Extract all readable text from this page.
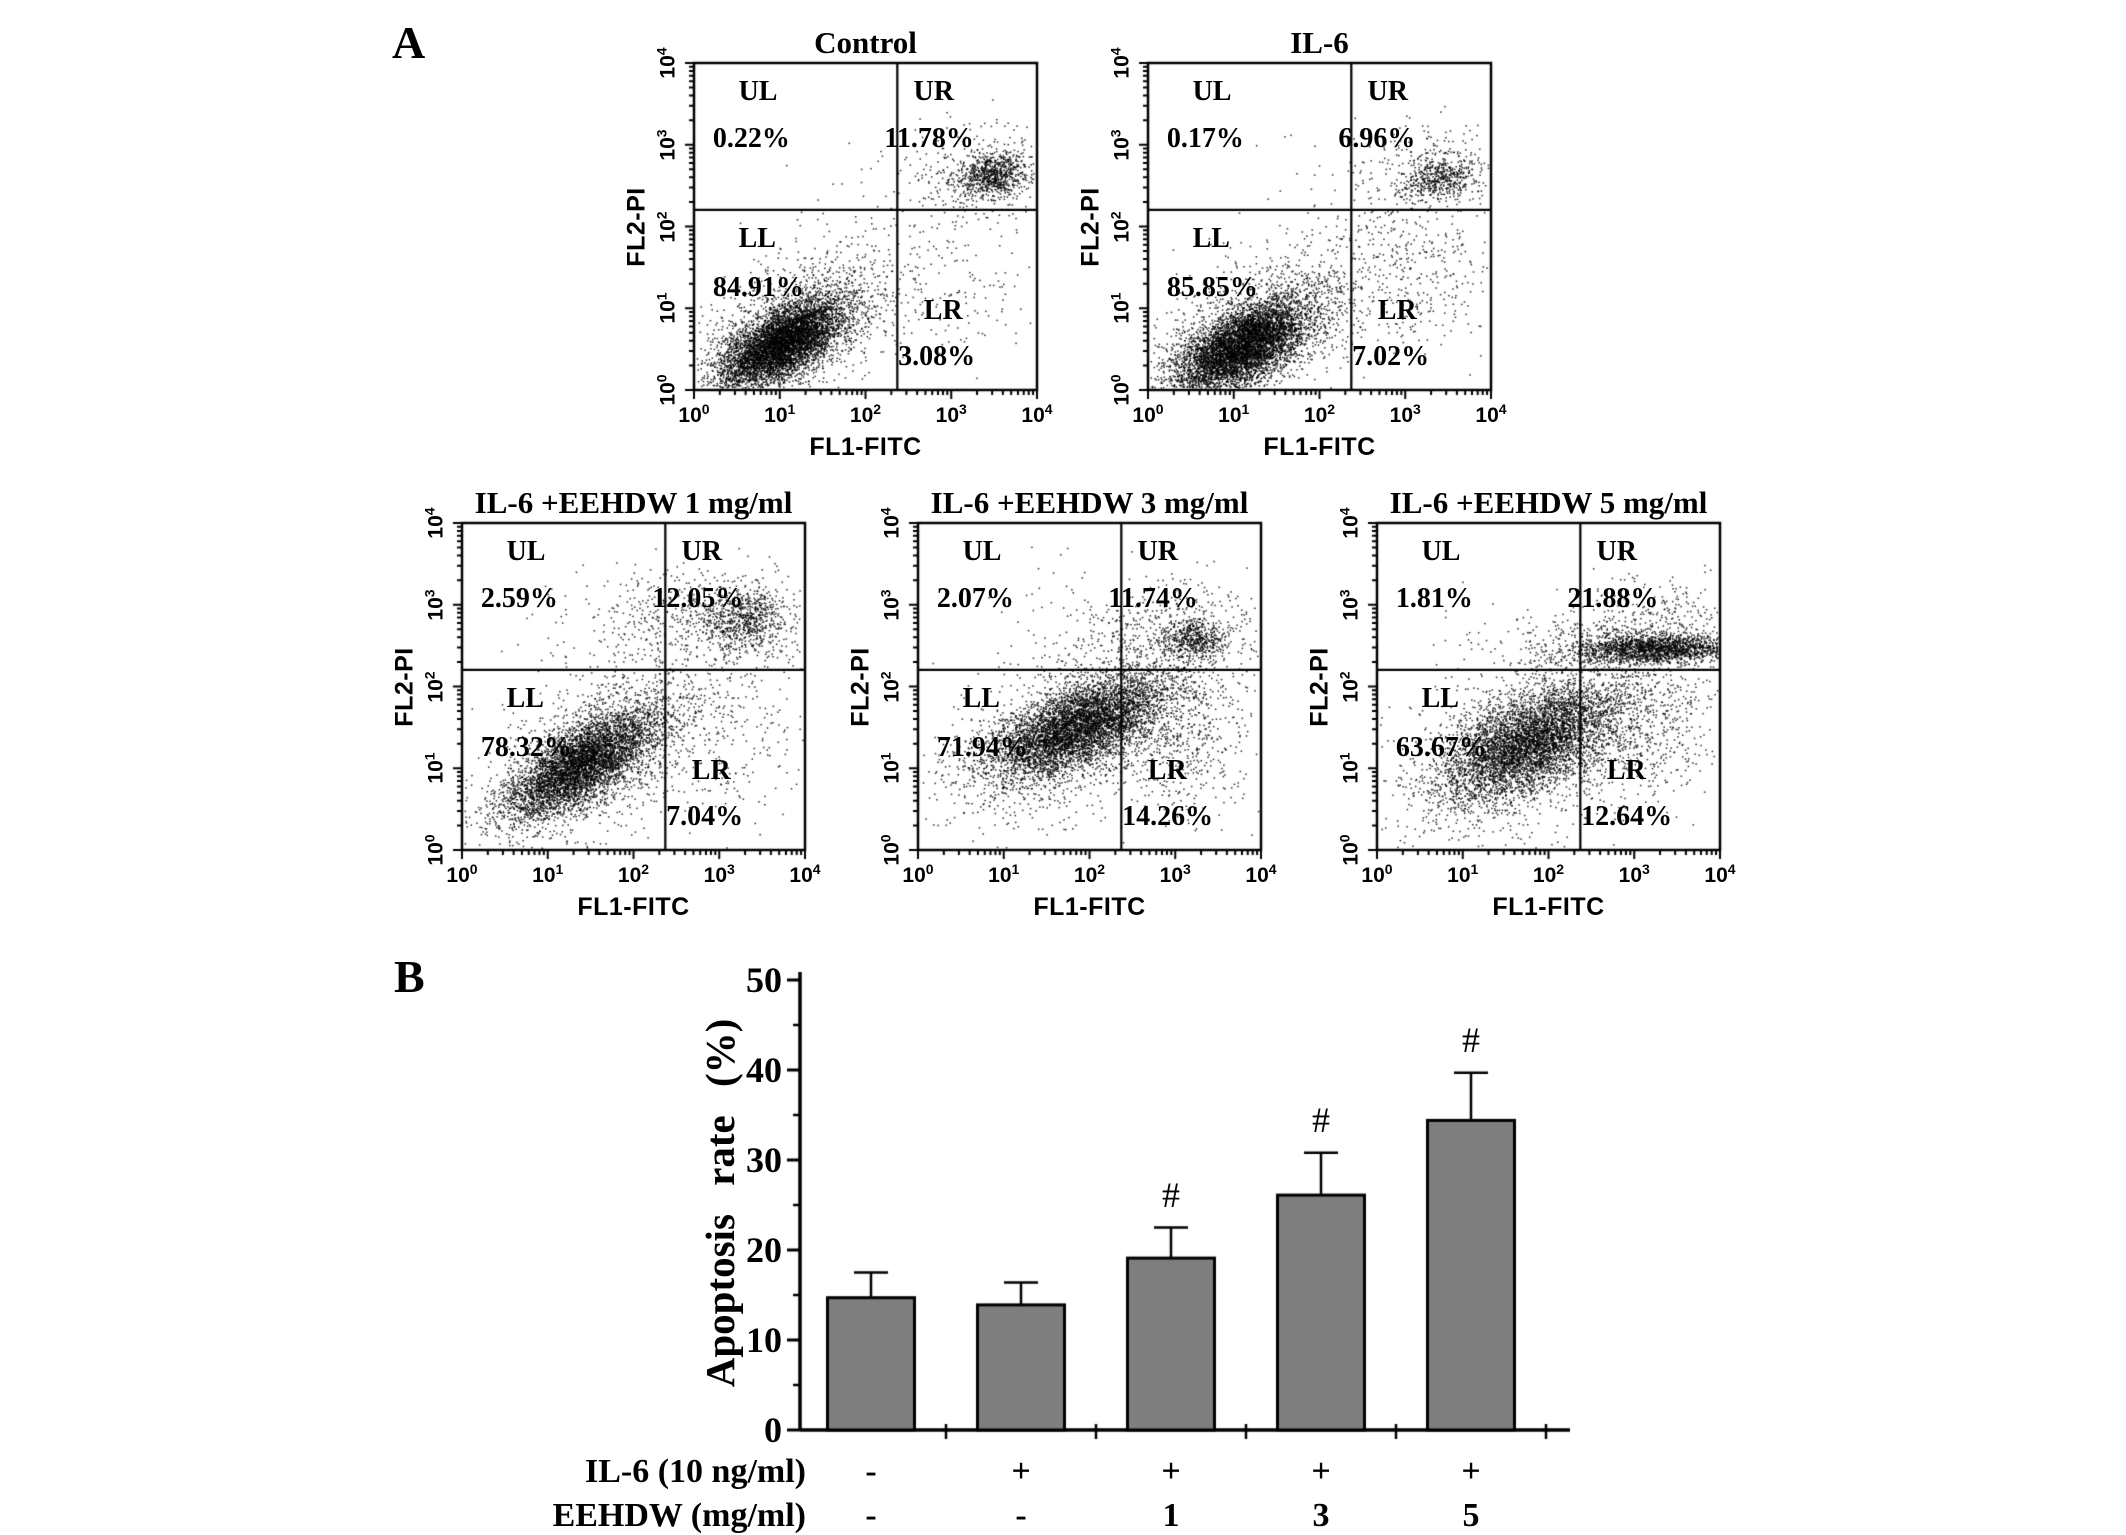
A
B
Control
UL
0.22%
UR
11.78%
LL
84.91%
LR
3.08%
FL1-FITC
FL2-PI
$10^0$
$10^0$
$10^1$
$10^1$
$10^2$
$10^2$
$10^3$
$10^3$
$10^4$
$10^4$	IL-6
UL
0.17%
UR
6.96%
LL
85.85%
LR
7.02%
FL1-FITC
FL2-PI
$10^0$
$10^0$
$10^1$
$10^1$
$10^2$
$10^2$
$10^3$
$10^3$
$10^4$
$10^4$
IL-6 +EEHDW 1 mg/ml
UL
2.59%
UR
12.05%
LL
78.32%
LR
7.04%
FL1-FITC
FL2-PI
$10^0$
$10^0$
$10^1$
$10^1$
$10^2$
$10^2$
$10^3$
$10^3$
$10^4$
$10^4$	IL-6 +EEHDW 3 mg/ml
UL
2.07%
UR
11.74%
LL
71.94%
LR
14.26%
FL1-FITC
FL2-PI
$10^0$
$10^0$
$10^1$
$10^1$
$10^2$
$10^2$
$10^3$
$10^3$
$10^4$
$10^4$	IL-6 +EEHDW 5 mg/ml
UL
1.81%
UR
21.88%
LL
63.67%
LR
12.64%
FL1-FITC
FL2-PI
$10^0$
$10^0$
$10^1$
$10^1$
$10^2$
$10^2$
$10^3$
$10^3$
$10^4$
$10^4$
#
#
#
0
10
20
30
40
50
Apoptosis rate (%)
IL-6 (10 ng/ml) -	+	+	+	+
EEHDW (mg/ml) -	-	1	3	5
